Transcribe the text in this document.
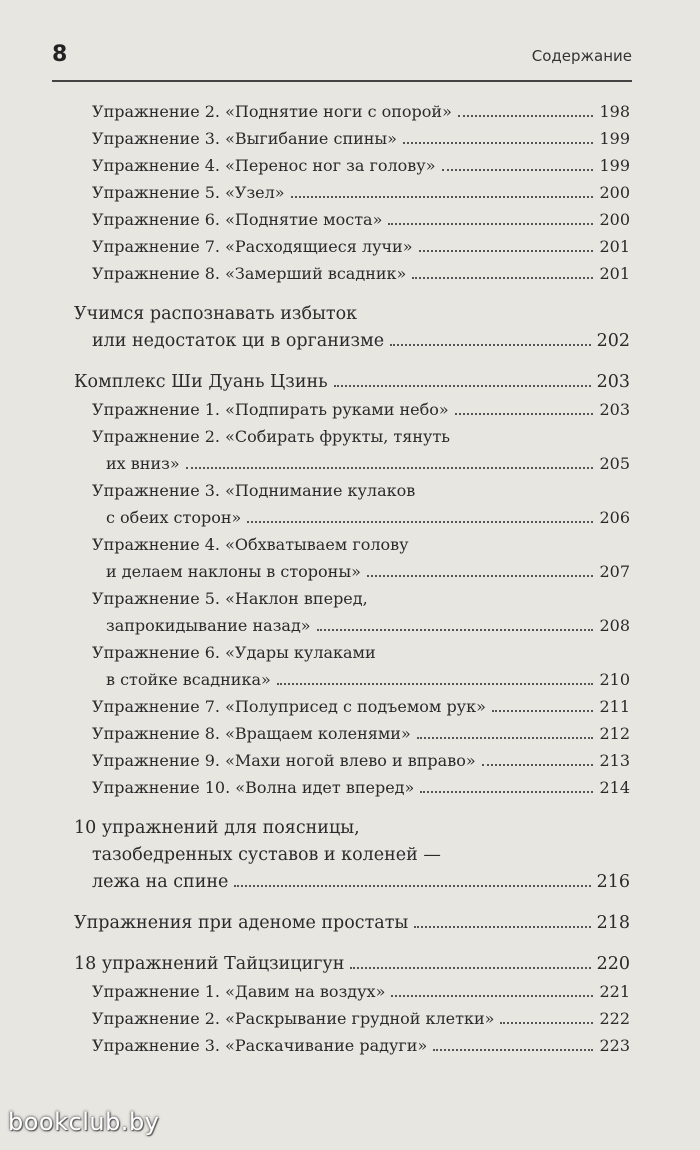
8	Содержание
Упражнение 2. «Поднятие ноги с опорой»	198
Упражнение 3. «Выгибание спины»	199
Упражнение 4. «Перенос ног за голову»	199
Упражнение 5. «Узел»	200
Упражнение 6. «Поднятие моста»	200
Упражнение 7. «Расходящиеся лучи»	201
Упражнение 8. «Замерший всадник»	201
Учимся распознавать избыток
или недостаток ци в организме	202
Комплекс Ши Дуань Цзинь	203
Упражнение 1. «Подпирать руками небо»	203
Упражнение 2. «Собирать фрукты, тянуть
их вниз»	205
Упражнение 3. «Поднимание кулаков
с обеих сторон»	206
Упражнение 4. «Обхватываем голову
и делаем наклоны в стороны»	207
Упражнение 5. «Наклон вперед,
запрокидывание назад»	208
Упражнение 6. «Удары кулаками
в стойке всадника»	210
Упражнение 7. «Полуприсед с подъемом рук»	211
Упражнение 8. «Вращаем коленями»	212
Упражнение 9. «Махи ногой влево и вправо»	213
Упражнение 10. «Волна идет вперед»	214
10 упражнений для поясницы,
тазобедренных суставов и коленей —
лежа на спине	216
Упражнения при аденоме простаты	218
18 упражнений Тайцзицигун	220
Упражнение 1. «Давим на воздух»	221
Упражнение 2. «Раскрывание грудной клетки»	222
Упражнение 3. «Раскачивание радуги»	223
bookclub.by
